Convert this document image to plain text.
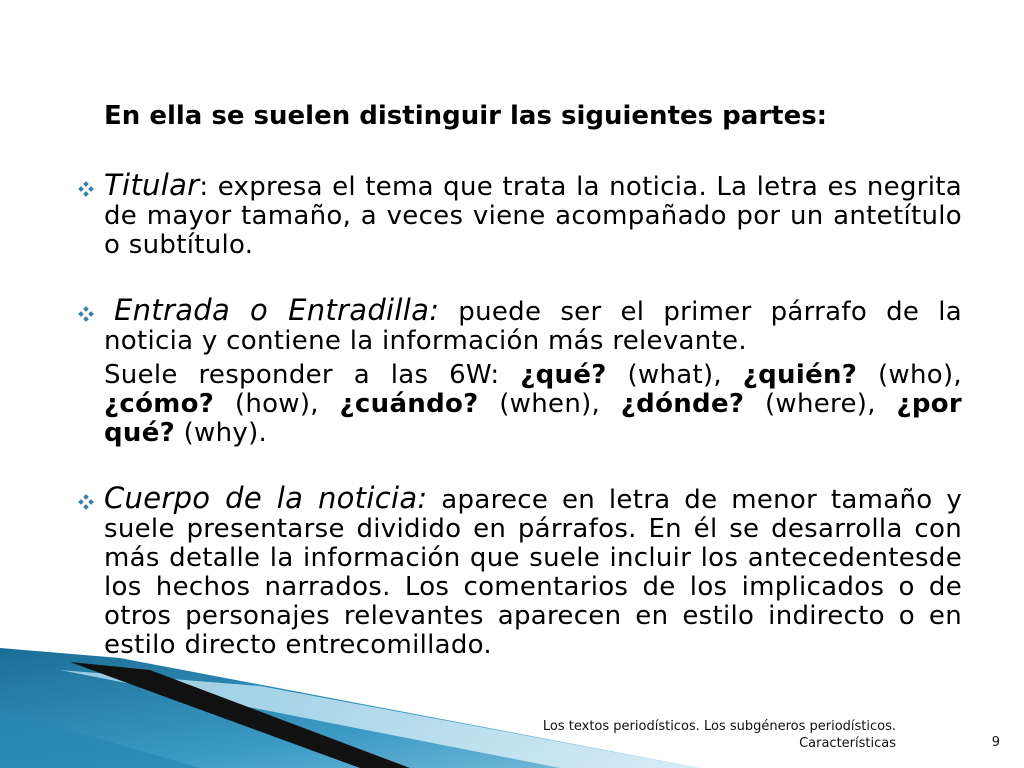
En ella se suelen distinguir las siguientes partes:
Titular: expresa el tema que trata la noticia. La letra es negrita de mayor tamaño, a veces viene acompañado por un antetítulo o subtítulo.
Entrada o Entradilla: puede ser el primer párrafo de la noticia y contiene la información más relevante.
Suele responder a las 6W: ¿qué? (what), ¿quién? (who), ¿cómo? (how), ¿cuándo? (when), ¿dónde? (where), ¿por qué? (why).
Cuerpo de la noticia: aparece en letra de menor tamaño y suele presentarse dividido en párrafos. En él se desarrolla con más detalle la información que suele incluir los antecedentesde los hechos narrados. Los comentarios de los implicados o de otros personajes relevantes aparecen en estilo indirecto o en estilo directo entrecomillado.
Los textos periodísticos. Los subgéneros periodísticos.
Características	9
